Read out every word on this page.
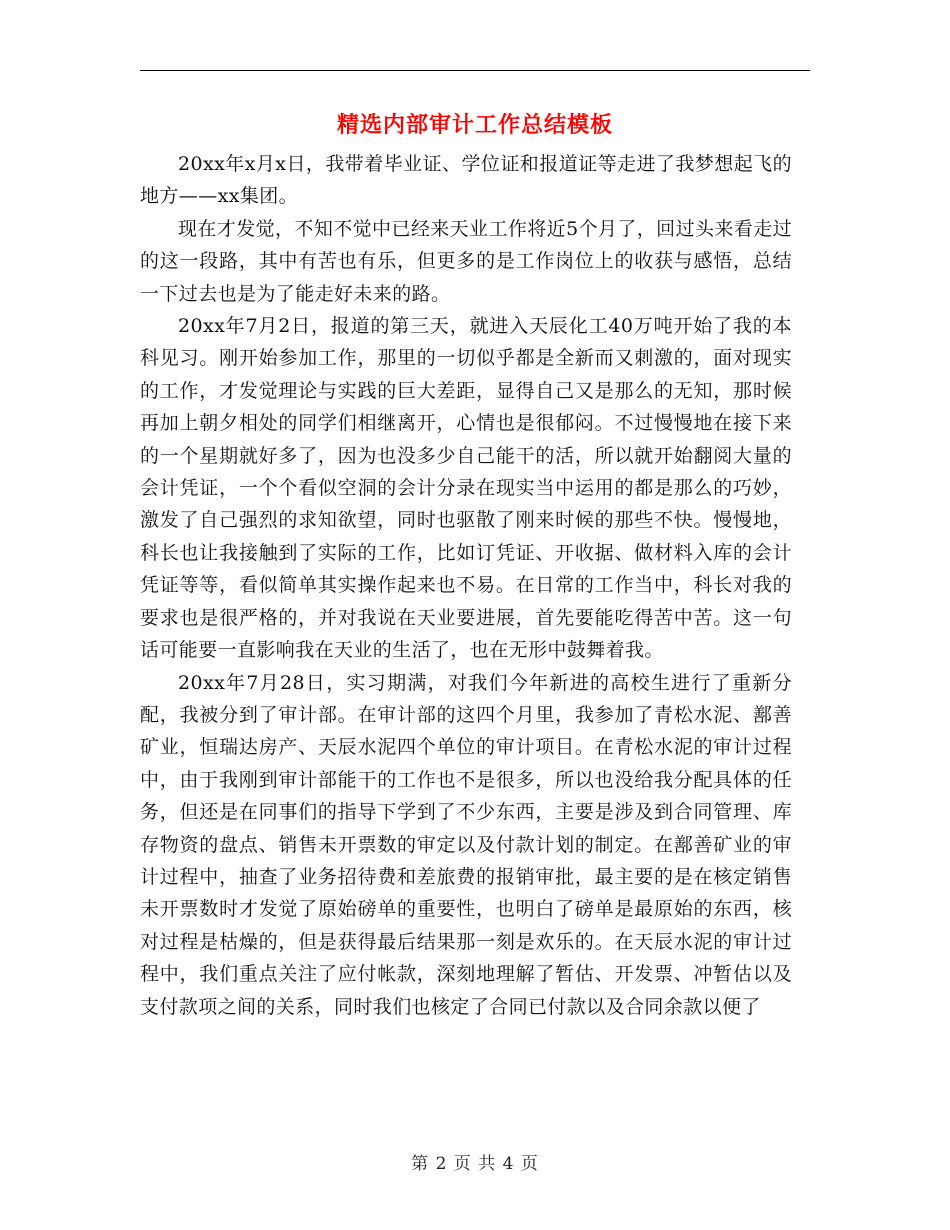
精选内部审计工作总结模板

20xx年x月x日，我带着毕业证、学位证和报道证等走进了我梦想起飞的地方——xx集团。

现在才发觉，不知不觉中已经来天业工作将近5个月了，回过头来看走过的这一段路，其中有苦也有乐，但更多的是工作岗位上的收获与感悟，总结一下过去也是为了能走好未来的路。

20xx年7月2日，报道的第三天，就进入天辰化工40万吨开始了我的本科见习。刚开始参加工作，那里的一切似乎都是全新而又刺激的，面对现实的工作，才发觉理论与实践的巨大差距，显得自己又是那么的无知，那时候再加上朝夕相处的同学们相继离开，心情也是很郁闷。不过慢慢地在接下来的一个星期就好多了，因为也没多少自己能干的活，所以就开始翻阅大量的会计凭证，一个个看似空洞的会计分录在现实当中运用的都是那么的巧妙，激发了自己强烈的求知欲望，同时也驱散了刚来时候的那些不快。慢慢地，科长也让我接触到了实际的工作，比如订凭证、开收据、做材料入库的会计凭证等等，看似简单其实操作起来也不易。在日常的工作当中，科长对我的要求也是很严格的，并对我说在天业要进展，首先要能吃得苦中苦。这一句话可能要一直影响我在天业的生活了，也在无形中鼓舞着我。

20xx年7月28日，实习期满，对我们今年新进的高校生进行了重新分配，我被分到了审计部。在审计部的这四个月里，我参加了青松水泥、鄯善矿业，恒瑞达房产、天辰水泥四个单位的审计项目。在青松水泥的审计过程中，由于我刚到审计部能干的工作也不是很多，所以也没给我分配具体的任务，但还是在同事们的指导下学到了不少东西，主要是涉及到合同管理、库存物资的盘点、销售未开票数的审定以及付款计划的制定。在鄯善矿业的审计过程中，抽查了业务招待费和差旅费的报销审批，最主要的是在核定销售未开票数时才发觉了原始磅单的重要性，也明白了磅单是最原始的东西，核对过程是枯燥的，但是获得最后结果那一刻是欢乐的。在天辰水泥的审计过程中，我们重点关注了应付帐款，深刻地理解了暂估、开发票、冲暂估以及支付款项之间的关系，同时我们也核定了合同已付款以及合同余款以便了

第 2 页 共 4 页
